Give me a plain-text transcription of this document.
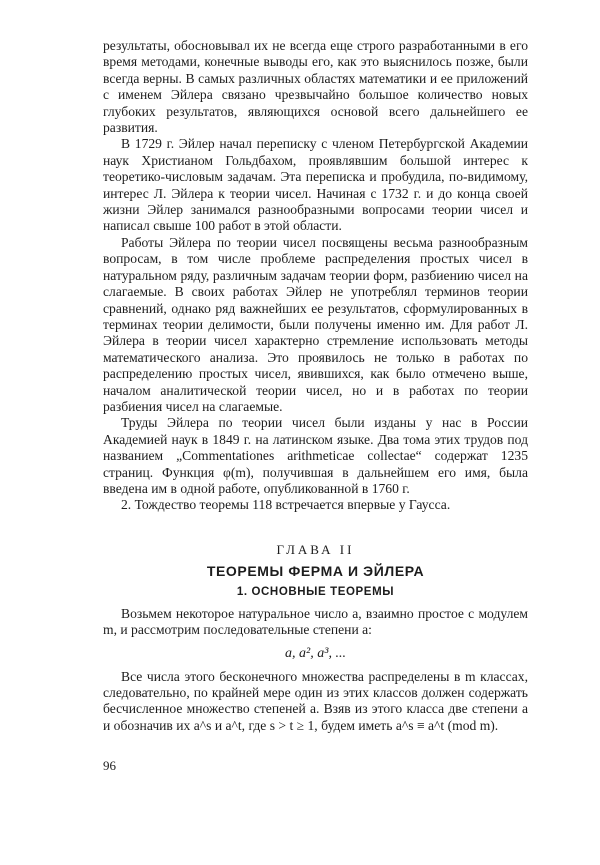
результаты, обосновывал их не всегда еще строго разработанными в его время методами, конечные выводы его, как это выяснилось позже, были всегда верны. В самых различных областях математики и ее приложений с именем Эйлера связано чрезвычайно большое количество новых глубоких результатов, являющихся основой всего дальнейшего ее развития.

В 1729 г. Эйлер начал переписку с членом Петербургской Академии наук Христианом Гольдбахом, проявлявшим большой интерес к теоретико-числовым задачам. Эта переписка и пробудила, по-видимому, интерес Л. Эйлера к теории чисел. Начиная с 1732 г. и до конца своей жизни Эйлер занимался разнообразными вопросами теории чисел и написал свыше 100 работ в этой области.

Работы Эйлера по теории чисел посвящены весьма разнообразным вопросам, в том числе проблеме распределения простых чисел в натуральном ряду, различным задачам теории форм, разбиению чисел на слагаемые. В своих работах Эйлер не употреблял терминов теории сравнений, однако ряд важнейших ее результатов, сформулированных в терминах теории делимости, были получены именно им. Для работ Л. Эйлера в теории чисел характерно стремление использовать методы математического анализа. Это проявилось не только в работах по распределению простых чисел, явившихся, как было отмечено выше, началом аналитической теории чисел, но и в работах по теории разбиения чисел на слагаемые.

Труды Эйлера по теории чисел были изданы у нас в России Академией наук в 1849 г. на латинском языке. Два тома этих трудов под названием „Commentationes arithmeticae collectae“ содержат 1235 страниц. Функция φ(m), получившая в дальнейшем его имя, была введена им в одной работе, опубликованной в 1760 г.

2. Тождество теоремы 118 встречается впервые у Гаусса.

ГЛАВА II
ТЕОРЕМЫ ФЕРМА И ЭЙЛЕРА
1. ОСНОВНЫЕ ТЕОРЕМЫ

Возьмем некоторое натуральное число a, взаимно простое с модулем m, и рассмотрим последовательные степени a:

a, a², a³, ...

Все числа этого бесконечного множества распределены в m классах, следовательно, по крайней мере один из этих классов должен содержать бесчисленное множество степеней a. Взяв из этого класса две степени a и обозначив их a^s и a^t, где s > t ≥ 1, будем иметь a^s ≡ a^t (mod m).

96
